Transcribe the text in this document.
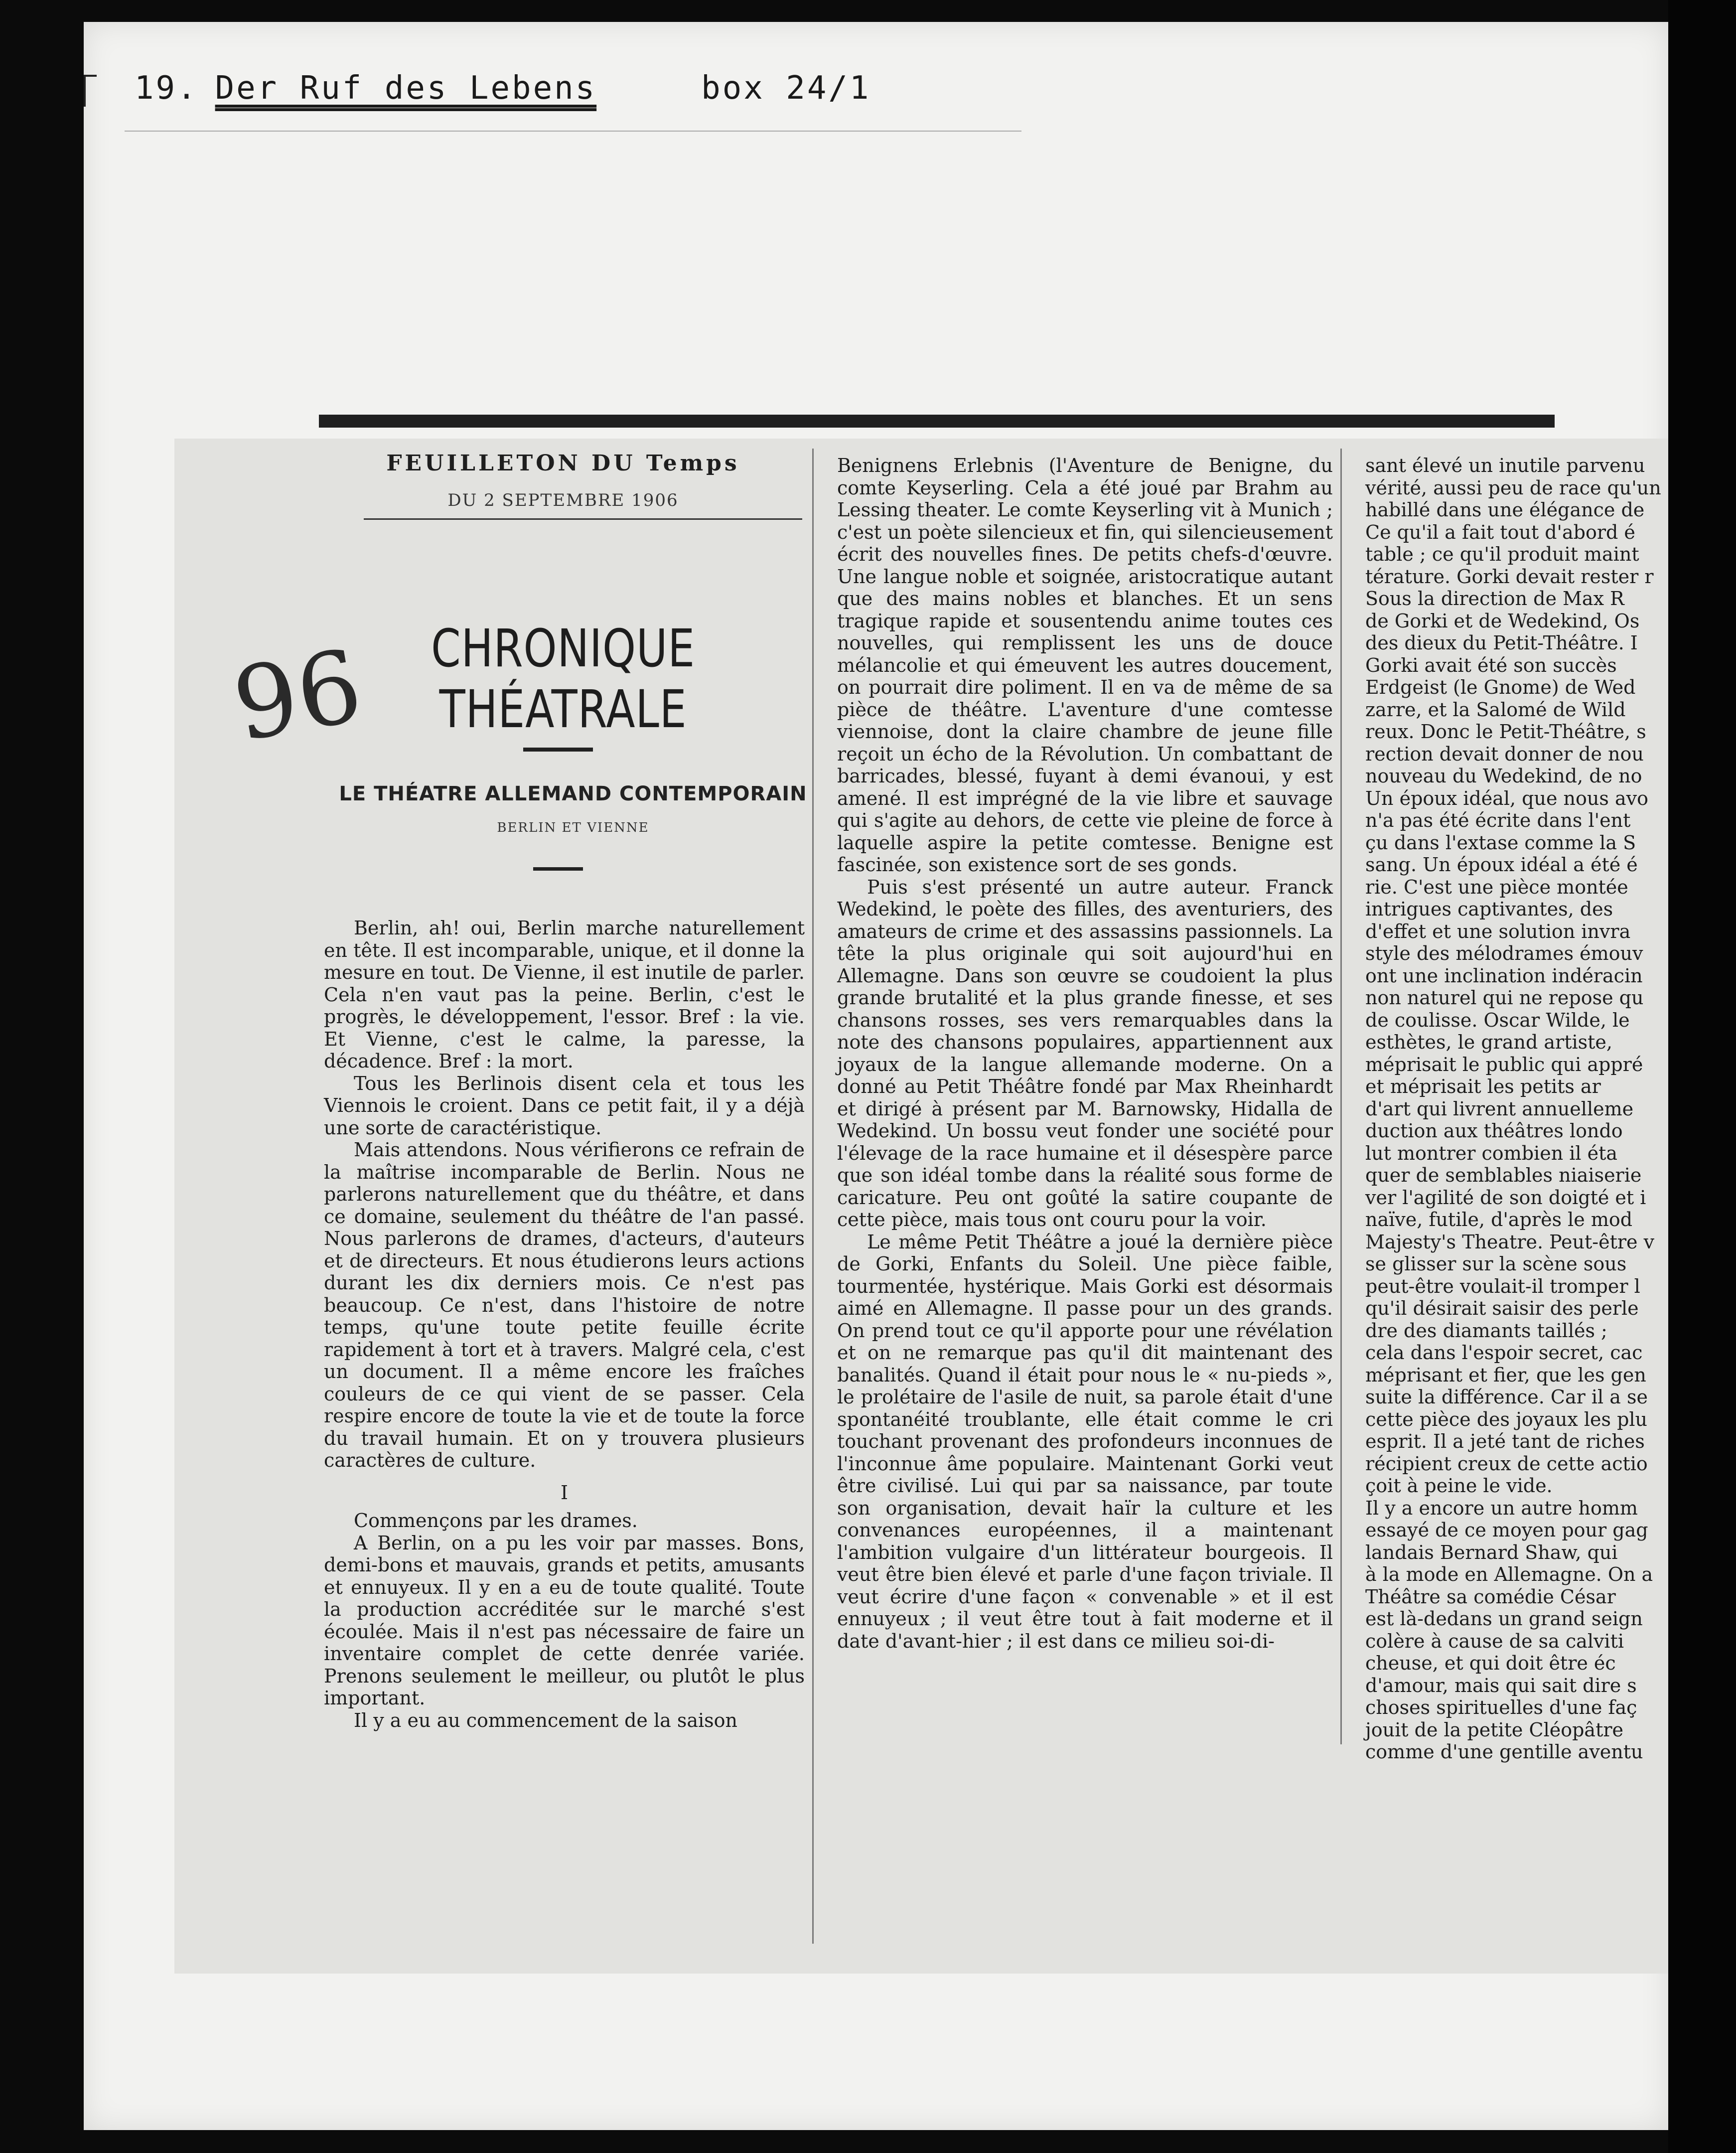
19. Der Ruf des Lebens	box 24/1
FEUILLETON DU Temps
DU 2 SEPTEMBRE 1906
96	CHRONIQUE THÉATRALE
LE THÉATRE ALLEMAND CONTEMPORAIN
BERLIN ET VIENNE

Berlin, ah! oui, Berlin marche naturellement en tête. Il est incomparable, unique, et il donne la mesure en tout. De Vienne, il est inutile de parler. Cela n'en vaut pas la peine. Berlin, c'est le progrès, le développement, l'essor. Bref : la vie. Et Vienne, c'est le calme, la paresse, la décadence. Bref : la mort.

Tous les Berlinois disent cela et tous les Viennois le croient. Dans ce petit fait, il y a déjà une sorte de caractéristique.

Mais attendons. Nous vérifierons ce refrain de la maîtrise incomparable de Berlin. Nous ne parlerons naturellement que du théâtre, et dans ce domaine, seulement du théâtre de l'an passé. Nous parlerons de drames, d'acteurs, d'auteurs et de directeurs. Et nous étudierons leurs actions durant les dix derniers mois. Ce n'est pas beaucoup. Ce n'est, dans l'histoire de notre temps, qu'une toute petite feuille écrite rapidement à tort et à travers. Malgré cela, c'est un document. Il a même encore les fraîches couleurs de ce qui vient de se passer. Cela respire encore de toute la vie et de toute la force du travail humain. Et on y trouvera plusieurs caractères de culture.

I

Commençons par les drames.

A Berlin, on a pu les voir par masses. Bons, demi-bons et mauvais, grands et petits, amusants et ennuyeux. Il y en a eu de toute qualité. Toute la production accréditée sur le marché s'est écoulée. Mais il n'est pas nécessaire de faire un inventaire complet de cette denrée variée. Prenons seulement le meilleur, ou plutôt le plus important.

Il y a eu au commencement de la saison

Benignens Erlebnis (l'Aventure de Benigne, du comte Keyserling. Cela a été joué par Brahm au Lessing theater. Le comte Keyserling vit à Munich ; c'est un poète silencieux et fin, qui silencieusement écrit des nouvelles fines. De petits chefs-d'œuvre. Une langue noble et soignée, aristocratique autant que des mains nobles et blanches. Et un sens tragique rapide et sousentendu anime toutes ces nouvelles, qui remplissent les uns de douce mélancolie et qui émeuvent les autres doucement, on pourrait dire poliment. Il en va de même de sa pièce de théâtre. L'aventure d'une comtesse viennoise, dont la claire chambre de jeune fille reçoit un écho de la Révolution. Un combattant de barricades, blessé, fuyant à demi évanoui, y est amené. Il est imprégné de la vie libre et sauvage qui s'agite au dehors, de cette vie pleine de force à laquelle aspire la petite comtesse. Benigne est fascinée, son existence sort de ses gonds.

Puis s'est présenté un autre auteur. Franck Wedekind, le poète des filles, des aventuriers, des amateurs de crime et des assassins passionnels. La tête la plus originale qui soit aujourd'hui en Allemagne. Dans son œuvre se coudoient la plus grande brutalité et la plus grande finesse, et ses chansons rosses, ses vers remarquables dans la note des chansons populaires, appartiennent aux joyaux de la langue allemande moderne. On a donné au Petit Théâtre fondé par Max Rheinhardt et dirigé à présent par M. Barnowsky, Hidalla de Wedekind. Un bossu veut fonder une société pour l'élevage de la race humaine et il désespère parce que son idéal tombe dans la réalité sous forme de caricature. Peu ont goûté la satire coupante de cette pièce, mais tous ont couru pour la voir.

Le même Petit Théâtre a joué la dernière pièce de Gorki, Enfants du Soleil. Une pièce faible, tourmentée, hystérique. Mais Gorki est désormais aimé en Allemagne. Il passe pour un des grands. On prend tout ce qu'il apporte pour une révélation et on ne remarque pas qu'il dit maintenant des banalités. Quand il était pour nous le « nu-pieds », le prolétaire de l'asile de nuit, sa parole était d'une spontanéité troublante, elle était comme le cri touchant provenant des profondeurs inconnues de l'inconnue âme populaire. Maintenant Gorki veut être civilisé. Lui qui par sa naissance, par toute son organisation, devait haïr la culture et les convenances européennes, il a maintenant l'ambition vulgaire d'un littérateur bourgeois. Il veut être bien élevé et parle d'une façon triviale. Il veut écrire d'une façon « convenable » et il est ennuyeux ; il veut être tout à fait moderne et il date d'avant-hier ; il est dans ce milieu soi-di-

sant élevé un inutile parvenu

vérité, aussi peu de race qu'un

habillé dans une élégance de

Ce qu'il a fait tout d'abord é

table ; ce qu'il produit maint

térature. Gorki devait rester r

Sous la direction de Max R

de Gorki et de Wedekind, Os

des dieux du Petit-Théâtre. I

Gorki avait été son succès

Erdgeist (le Gnome) de Wed

zarre, et la Salomé de Wild

reux. Donc le Petit-Théâtre, s

rection devait donner de nou

nouveau du Wedekind, de no

Un époux idéal, que nous avo

n'a pas été écrite dans l'ent

çu dans l'extase comme la S

sang. Un époux idéal a été é

rie. C'est une pièce montée

intrigues captivantes, des

d'effet et une solution invra

style des mélodrames émouv

ont une inclination indéracin

non naturel qui ne repose qu

de coulisse. Oscar Wilde, le

esthètes, le grand artiste,

méprisait le public qui appré

et méprisait les petits ar

d'art qui livrent annuelleme

duction aux théâtres londo

lut montrer combien il éta

quer de semblables niaiserie

ver l'agilité de son doigté et i

naïve, futile, d'après le mod

Majesty's Theatre. Peut-être v

se glisser sur la scène sous

peut-être voulait-il tromper l

qu'il désirait saisir des perle

dre des diamants taillés ;

cela dans l'espoir secret, cac

méprisant et fier, que les gen

suite la différence. Car il a se

cette pièce des joyaux les plu

esprit. Il a jeté tant de riches

récipient creux de cette actio

çoit à peine le vide.

Il y a encore un autre homm

essayé de ce moyen pour gag

landais Bernard Shaw, qui

à la mode en Allemagne. On a

Théâtre sa comédie César

est là-dedans un grand seign

colère à cause de sa calviti

cheuse, et qui doit être éc

d'amour, mais qui sait dire s

choses spirituelles d'une faç

jouit de la petite Cléopâtre

comme d'une gentille aventu
